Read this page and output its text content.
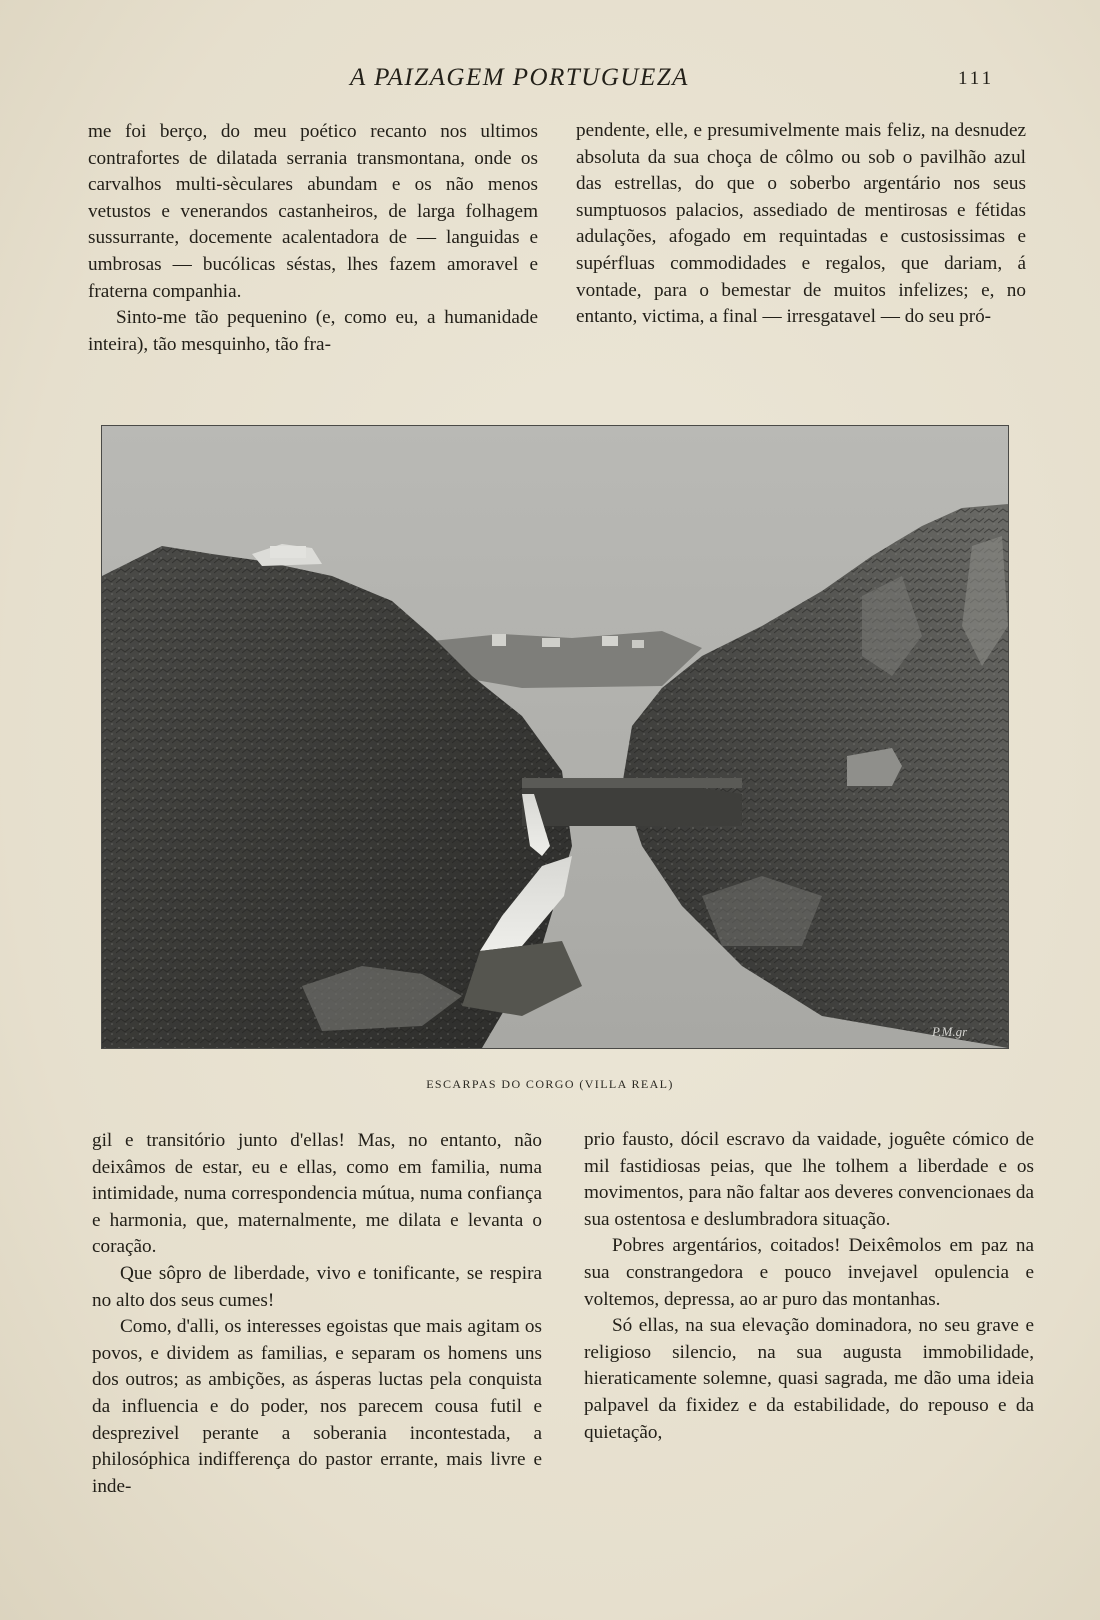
A PAIZAGEM PORTUGUEZA	111

me foi berço, do meu poético recanto nos ultimos contrafortes de dilatada serrania transmontana, onde os carvalhos multi-sèculares abundam e os não menos vetustos e venerandos castanheiros, de larga folhagem sussurrante, docemente acalentadora de — languidas e umbrosas — bucólicas séstas, lhes fazem amoravel e fraterna companhia.

Sinto-me tão pequenino (e, como eu, a humanidade inteira), tão mesquinho, tão fra-

pendente, elle, e presumivelmente mais feliz, na desnudez absoluta da sua choça de côlmo ou sob o pavilhão azul das estrellas, do que o soberbo argentário nos seus sumptuosos palacios, assediado de mentirosas e fétidas adulações, afogado em requintadas e custosissimas e supérfluas commodidades e regalos, que dariam, á vontade, para o bemestar de muitos infelizes; e, no entanto, victima, a final — irresgatavel — do seu pró-

P.M.gr
ESCARPAS DO CORGO (VILLA REAL)

gil e transitório junto d'ellas! Mas, no entanto, não deixâmos de estar, eu e ellas, como em familia, numa intimidade, numa correspondencia mútua, numa confiança e harmonia, que, maternalmente, me dilata e levanta o coração.

Que sôpro de liberdade, vivo e tonificante, se respira no alto dos seus cumes!

Como, d'alli, os interesses egoistas que mais agitam os povos, e dividem as familias, e separam os homens uns dos outros; as ambições, as ásperas luctas pela conquista da influencia e do poder, nos parecem cousa futil e desprezivel perante a soberania incontestada, a philosóphica indifferença do pastor errante, mais livre e inde-

prio fausto, dócil escravo da vaidade, joguête cómico de mil fastidiosas peias, que lhe tolhem a liberdade e os movimentos, para não faltar aos deveres convencionaes da sua ostentosa e deslumbradora situação.

Pobres argentários, coitados! Deixêmolos em paz na sua constrangedora e pouco invejavel opulencia e voltemos, depressa, ao ar puro das montanhas.

Só ellas, na sua elevação dominadora, no seu grave e religioso silencio, na sua augusta immobilidade, hieraticamente solemne, quasi sagrada, me dão uma ideia palpavel da fixidez e da estabilidade, do repouso e da quietação,
